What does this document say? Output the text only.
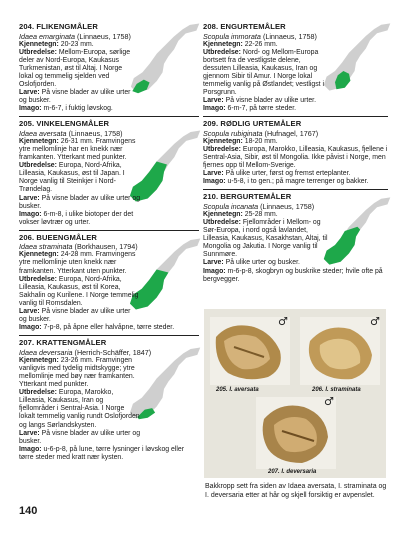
204. FLIKENGMÅLER
Idaea emarginata (Linnaeus, 1758)
Kjennetegn: 20-23 mm.
Utbredelse: Mellom-Europa, sørlige deler av Nord-Europa, Kaukasus Turkmenistan, øst til Altaj. I Norge lokal og temmelig sjelden ved Oslofjorden.
Larve: På visne blader av ulike urter og busker.
Imago: m-6-7, i fuktig løvskog.
205. VINKELENGMÅLER
Idaea aversata (Linnaeus, 1758)
Kjennetegn: 26-31 mm. Framvingens ytre mellomlinje har en knekk nær framkanten. Ytterkant med punkter.
Utbredelse: Europa, Nord-Afrika, Lilleasia, Kaukasus, øst til Japan. I Norge vanlig til Steinkjer i Nord-Trøndelag.
Larve: På visne blader av ulike urter og busker.
Imago: 6-m-8, i ulike biotoper der det vokser løvtrær og urter.
206. BUEENGMÅLER
Idaea straminata (Borkhausen, 1794)
Kjennetegn: 24-28 mm. Framvingens ytre mellomlinje uten knekk nær framkanten. Ytterkant uten punkter.
Utbredelse: Europa, Nord-Afrika, Lilleasia, Kaukasus, øst til Korea, Sakhalin og Kurilene. I Norge temmelig vanlig til Romsdalen.
Larve: På visne blader av ulike urter og busker.
Imago: 7-p-8, på åpne eller halvåpne, tørre steder.
207. KRATTENGMÅLER
Idaea deversaria (Herrich-Schäffer, 1847)
Kjennetegn: 23-26 mm. Framvingen vanligvis med tydelig midtskygge; ytre mellomlinje med bøy nær framkanten. Ytterkant med punkter.
Utbredelse: Europa, Marokko, Lilleasia, Kaukasus, Iran og fjellområder i Sentral-Asia. I Norge lokalt temmelig vanlig rundt Oslofjorden og langs Sørlandskysten.
Larve: På visne blader av ulike urter og busker.
Imago: u-6-p-8, på lune, tørre lysninger i løvskog eller tørre steder med kratt nær kysten.
208. ENGURTEMÅLER
Scopula immorata (Linnaeus, 1758)
Kjennetegn: 22-26 mm.
Utbredelse: Nord- og Mellom-Europa bortsett fra de vestligste delene, dessuten Lilleasia, Kaukasus, Iran og gjennom Sibir til Amur. I Norge lokal temmelig vanlig på Østlandet; vestligst i Porsgrunn.
Larve: På visne blader av ulike urter.
Imago: 6-m-7, på tørre steder.
209. RØDLIG URTEMÅLER
Scopula rubiginata (Hufnagel, 1767)
Kjennetegn: 18-20 mm.
Utbredelse: Europa, Marokko, Lilleasia, Kaukasus, fjellene i Sentral-Asia, Sibir, øst til Mongolia. Ikke påvist i Norge, men fjernes opp til Mellom-Sverige.
Larve: På ulike urter, først og fremst erteplanter.
Imago: u-5-8, i to gen.; på magre terrenger og bakker.
210. BERGURTEMÅLER
Scopula incanata (Linnaeus, 1758)
Kjennetegn: 25-28 mm.
Utbredelse: Fjellområder i Mellom- og Sør-Europa, i nord også lavlandet, Lilleasia, Kaukasus, Kasakhstan, Altaj, til Mongolia og Jakutia. I Norge vanlig til Sunnmøre.
Larve: På ulike urter og busker.
Imago: m-6-p-8, skogbryn og buskrike steder; hvile ofte på bergvegger.
♂	♂
♂
205. I. aversata	206. I. straminata
207. I. deversaria
Bakkropp sett fra siden av Idaea aversata, I. straminata og I. deversaria etter at hår og skjell forsiktig er avpenslet.
140
